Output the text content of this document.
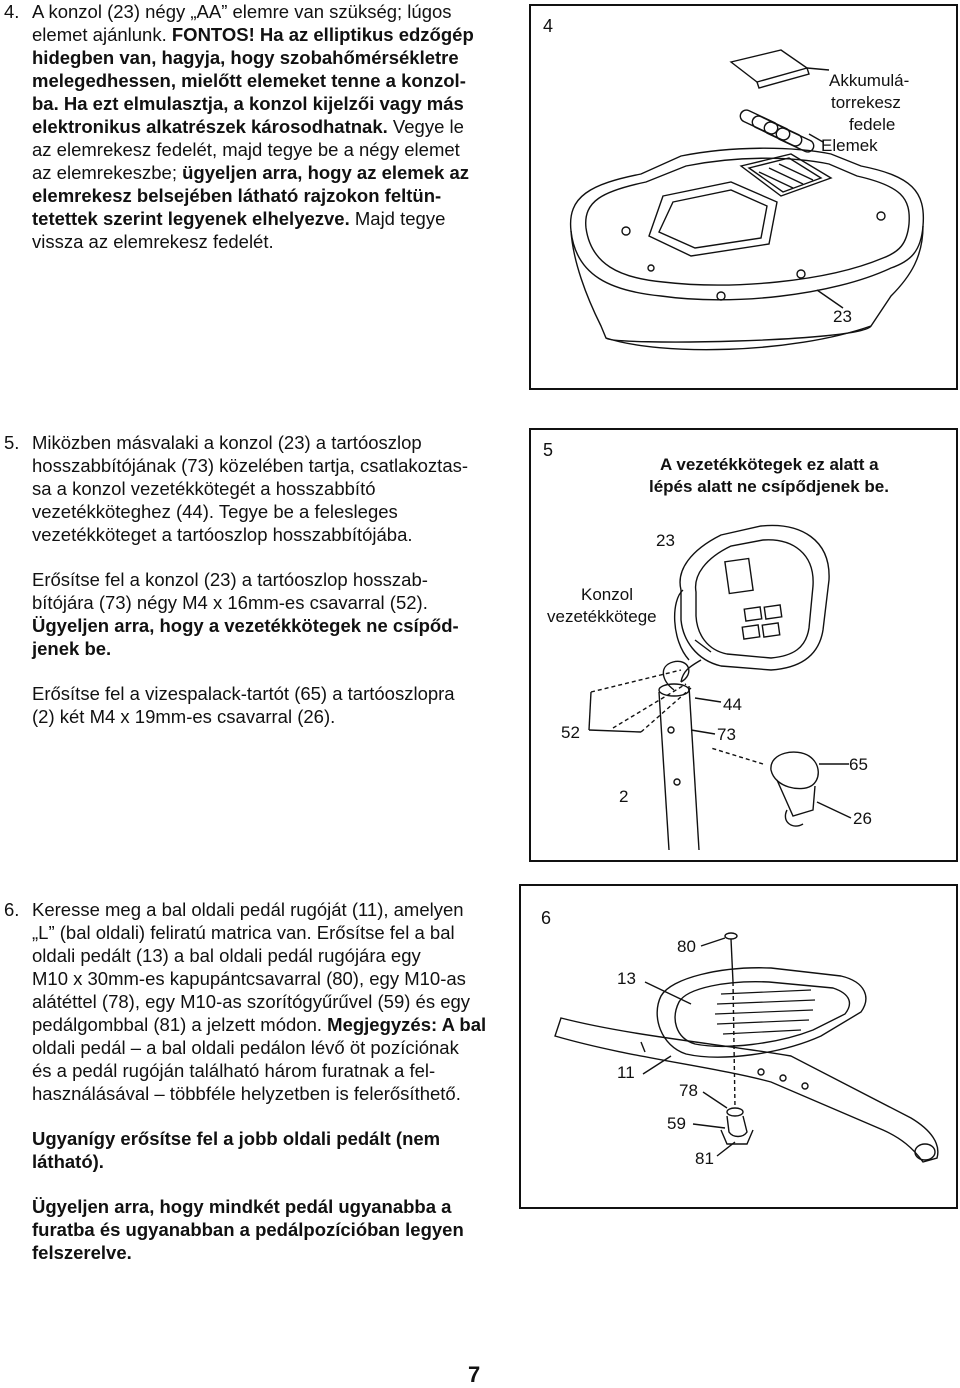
4. A konzol (23) négy „AA” elemre van szükség; lúgos

elemet ajánlunk. FONTOS! Ha az elliptikus edzőgép

hidegben van, hagyja, hogy szobahőmérsékletre

melegedhessen, mielőtt elemeket tenne a konzol-

ba. Ha ezt elmulasztja, a konzol kijelzői vagy más

elektronikus alkatrészek károsodhatnak. Vegye le

az elemrekesz fedelét, majd tegye be a négy elemet

az elemrekeszbe; ügyeljen arra, hogy az elemek az

elemrekesz belsejében látható rajzokon feltün-

tetettek szerint legyenek elhelyezve. Majd tegye

vissza az elemrekesz fedelét.

4
Akkumulá-
torrekesz
fedele
Elemek
23

5. Miközben másvalaki a konzol (23) a tartóoszlop

hosszabbítójának (73) közelében tartja, csatlakoztas-

sa a konzol vezetékkötegét a hosszabbító

vezetékköteghez (44). Tegye be a felesleges

vezetékköteget a tartóoszlop hosszabbítójába.

Erősítse fel a konzol (23) a tartóoszlop hosszab-

bítójára (73) négy M4 x 16mm-es csavarral (52).

Ügyeljen arra, hogy a vezetékkötegek ne csípőd-

jenek be.

Erősítse fel a vizespalack-tartót (65) a tartóoszlopra

(2) két M4 x 19mm-es csavarral (26).

5
A vezetékkötegek ez alatt a
lépés alatt ne csípődjenek be.
23
Konzol
vezetékkötege
44
52	73
65
2
26

6. Keresse meg a bal oldali pedál rugóját (11), amelyen

„L” (bal oldali) feliratú matrica van. Erősítse fel a bal

oldali pedált (13) a bal oldali pedál rugójára egy

M10 x 30mm-es kapupántcsavarral (80), egy M10-as

alátéttel (78), egy M10-as szorítógyűrűvel (59) és egy

pedálgombbal (81) a jelzett módon. Megjegyzés: A bal

oldali pedál – a bal oldali pedálon lévő öt pozíciónak

és a pedál rugóján található három furatnak a fel-

használásával – többféle helyzetben is felerősíthető.

Ugyanígy erősítse fel a jobb oldali pedált (nem

látható).

Ügyeljen arra, hogy mindkét pedál ugyanabba a

furatba és ugyanabban a pedálpozícióban legyen

felszerelve.

6
80
13
11
78
59
81
7
